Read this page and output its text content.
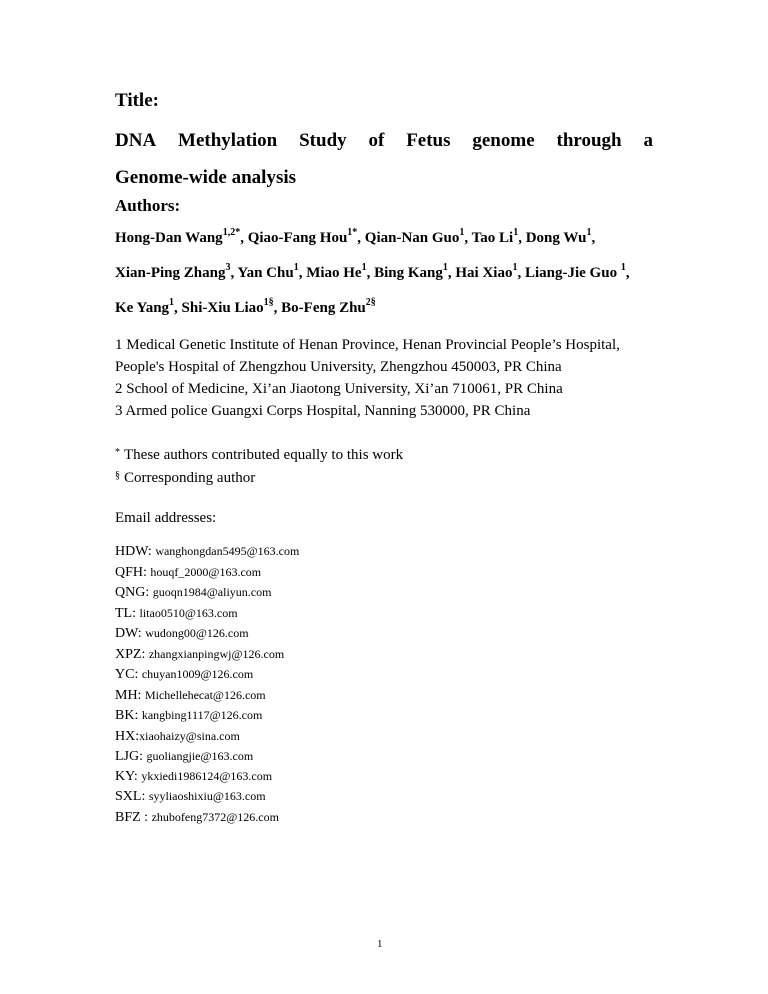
Title:
DNA Methylation Study of Fetus genome through a
Genome-wide analysis
Authors:
Hong-Dan Wang$^{1,2*}$, Qiao-Fang Hou$^{1*}$, Qian-Nan Guo$^1$, Tao Li$^1$, Dong Wu$^1$,
Xian-Ping Zhang$^3$, Yan Chu$^1$, Miao He$^1$, Bing Kang$^1$, Hai Xiao$^1$, Liang-Jie Guo $^1$,
Ke Yang$^1$, Shi-Xiu Liao$^{1\S}$, Bo-Feng Zhu$^{2\S}$
1 Medical Genetic Institute of Henan Province, Henan Provincial People’s Hospital,
People's Hospital of Zhengzhou University, Zhengzhou 450003, PR China
2 School of Medicine, Xi’an Jiaotong University, Xi’an 710061, PR China
3 Armed police Guangxi Corps Hospital, Nanning 530000, PR China
* These authors contributed equally to this work
§ Corresponding author
Email addresses:
HDW: wanghongdan5495@163.com
QFH: houqf_2000@163.com
QNG: guoqn1984@aliyun.com
TL: litao0510@163.com
DW: wudong00@126.com
XPZ: zhangxianpingwj@126.com
YC: chuyan1009@126.com
MH: Michellehecat@126.com
BK: kangbing1117@126.com
HX:xiaohaizy@sina.com
LJG: guoliangjie@163.com
KY: ykxiedi1986124@163.com
SXL: syyliaoshixiu@163.com
BFZ : zhubofeng7372@126.com
1
